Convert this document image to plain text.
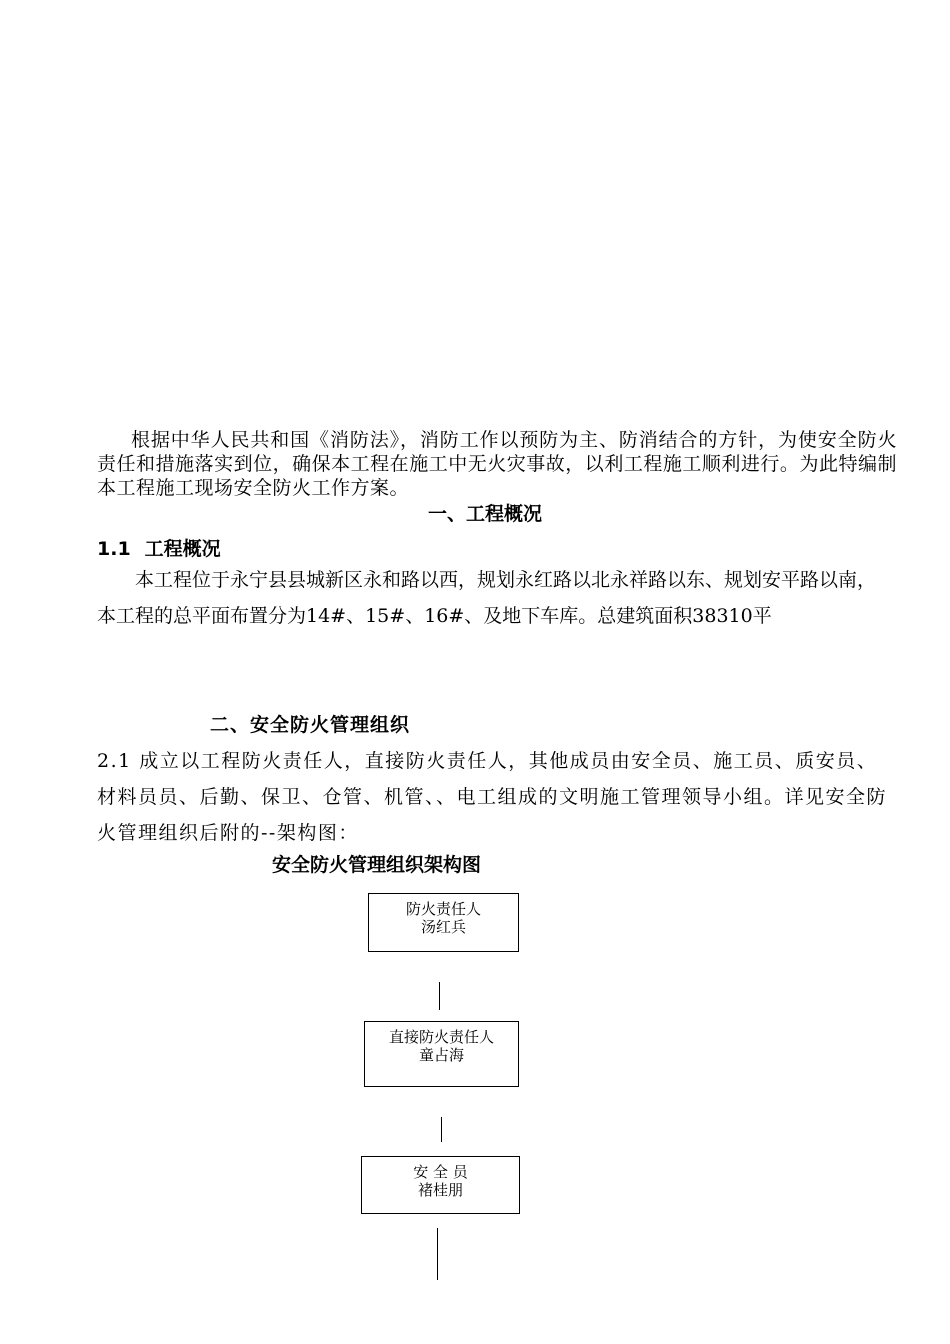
根据中华人民共和国《消防法》，消防工作以预防为主、防消结合的方针，为使安全防火责任和措施落实到位，确保本工程在施工中无火灾事故，以利工程施工顺利进行。为此特编制本工程施工现场安全防火工作方案。

一、工程概况
1.1 工程概况

本工程位于永宁县县城新区永和路以西，规划永红路以北永祥路以东、规划安平路以南，本工程的总平面布置分为14#、15#、16#、及地下车库。总建筑面积38310平

二、安全防火管理组织

2.1 成立以工程防火责任人，直接防火责任人，其他成员由安全员、施工员、质安员、材料员员、后勤、保卫、仓管、机管、、电工组成的文明施工管理领导小组。详见安全防火管理组织后附的--架构图：

安全防火管理组织架构图
防火责任人
汤红兵
直接防火责任人
童占海
安 全 员
褚桂朋
